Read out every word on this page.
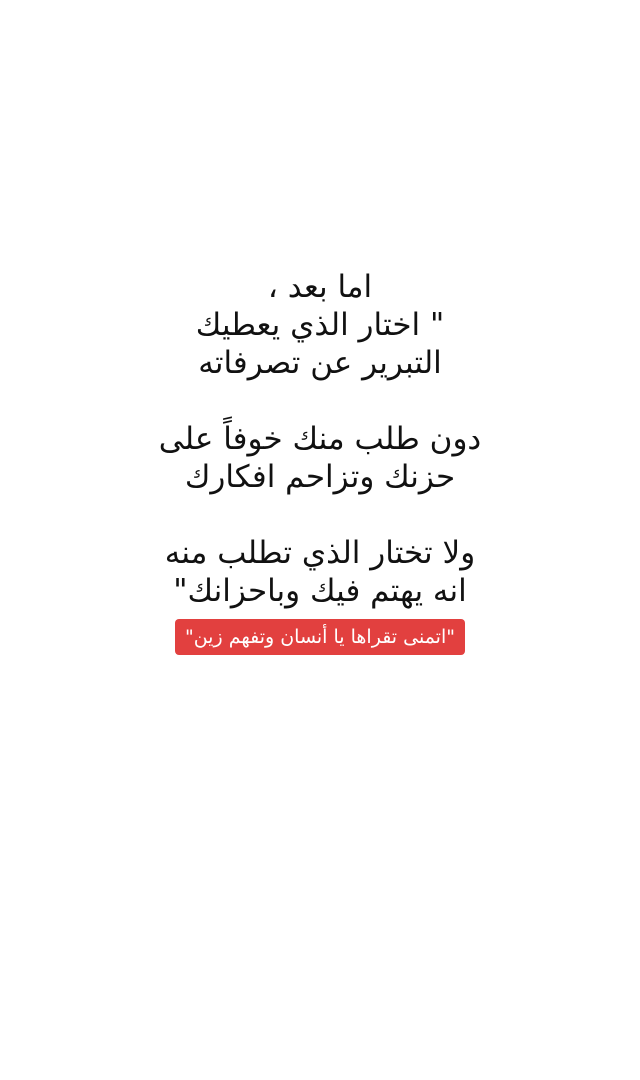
اما بعد ،
" اختار الذي يعطيك
التبرير عن تصرفاته
دون طلب منك خوفاً على
حزنك وتزاحم افكارك
ولا تختار الذي تطلب منه
انه يهتم فيك وباحزانك"
"اتمنى تقراها يا أنسان وتفهم زين"
